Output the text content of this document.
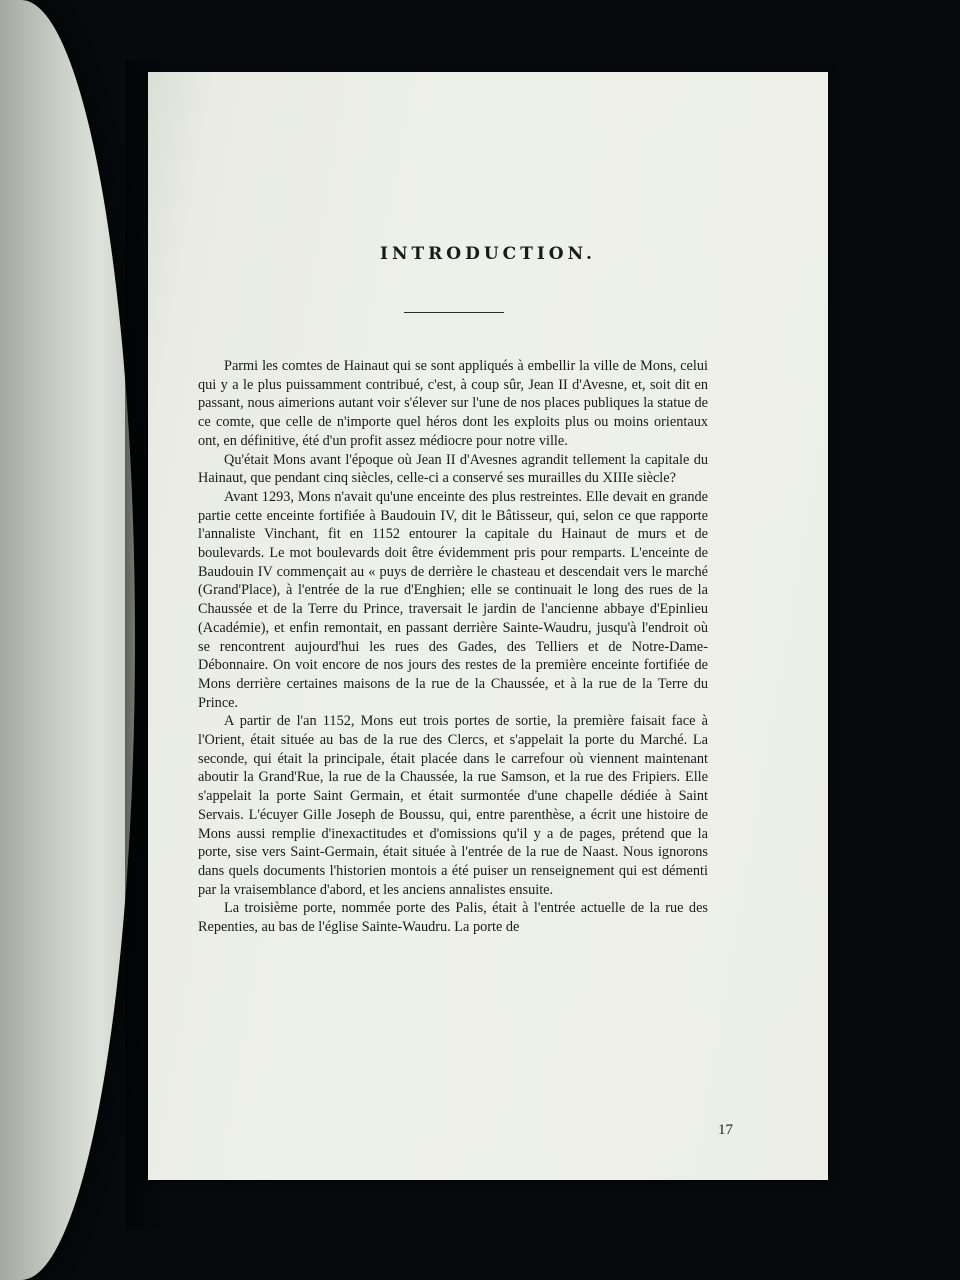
INTRODUCTION.

Parmi les comtes de Hainaut qui se sont appliqués à embellir la ville de Mons, celui qui y a le plus puissamment contribué, c'est, à coup sûr, Jean II d'Avesne, et, soit dit en passant, nous aimerions autant voir s'élever sur l'une de nos places publiques la statue de ce comte, que celle de n'importe quel héros dont les exploits plus ou moins orientaux ont, en définitive, été d'un profit assez médiocre pour notre ville.

Qu'était Mons avant l'époque où Jean II d'Avesnes agrandit tellement la capitale du Hainaut, que pendant cinq siècles, celle-ci a conservé ses murailles du XIIIe siècle?

Avant 1293, Mons n'avait qu'une enceinte des plus restreintes. Elle devait en grande partie cette enceinte fortifiée à Baudouin IV, dit le Bâtisseur, qui, selon ce que rapporte l'annaliste Vinchant, fit en 1152 entourer la capitale du Hainaut de murs et de boulevards. Le mot boulevards doit être évidemment pris pour remparts. L'enceinte de Baudouin IV commençait au « puys de derrière le chasteau et descendait vers le marché (Grand'Place), à l'entrée de la rue d'Enghien; elle se continuait le long des rues de la Chaussée et de la Terre du Prince, traversait le jardin de l'ancienne abbaye d'Epinlieu (Académie), et enfin remontait, en passant derrière Sainte-Waudru, jusqu'à l'endroit où se rencontrent aujourd'hui les rues des Gades, des Telliers et de Notre-Dame-Débonnaire. On voit encore de nos jours des restes de la première enceinte fortifiée de Mons derrière certaines maisons de la rue de la Chaussée, et à la rue de la Terre du Prince.

A partir de l'an 1152, Mons eut trois portes de sortie, la première faisait face à l'Orient, était située au bas de la rue des Clercs, et s'appelait la porte du Marché. La seconde, qui était la principale, était placée dans le carrefour où viennent maintenant aboutir la Grand'Rue, la rue de la Chaussée, la rue Samson, et la rue des Fripiers. Elle s'appelait la porte Saint Germain, et était surmontée d'une chapelle dédiée à Saint Servais. L'écuyer Gille Joseph de Boussu, qui, entre parenthèse, a écrit une histoire de Mons aussi remplie d'inexactitudes et d'omissions qu'il y a de pages, prétend que la porte, sise vers Saint-Germain, était située à l'entrée de la rue de Naast. Nous ignorons dans quels documents l'historien montois a été puiser un renseignement qui est démenti par la vraisemblance d'abord, et les anciens annalistes ensuite.

La troisième porte, nommée porte des Palis, était à l'entrée actuelle de la rue des Repenties, au bas de l'église Sainte-Waudru. La porte de

17
